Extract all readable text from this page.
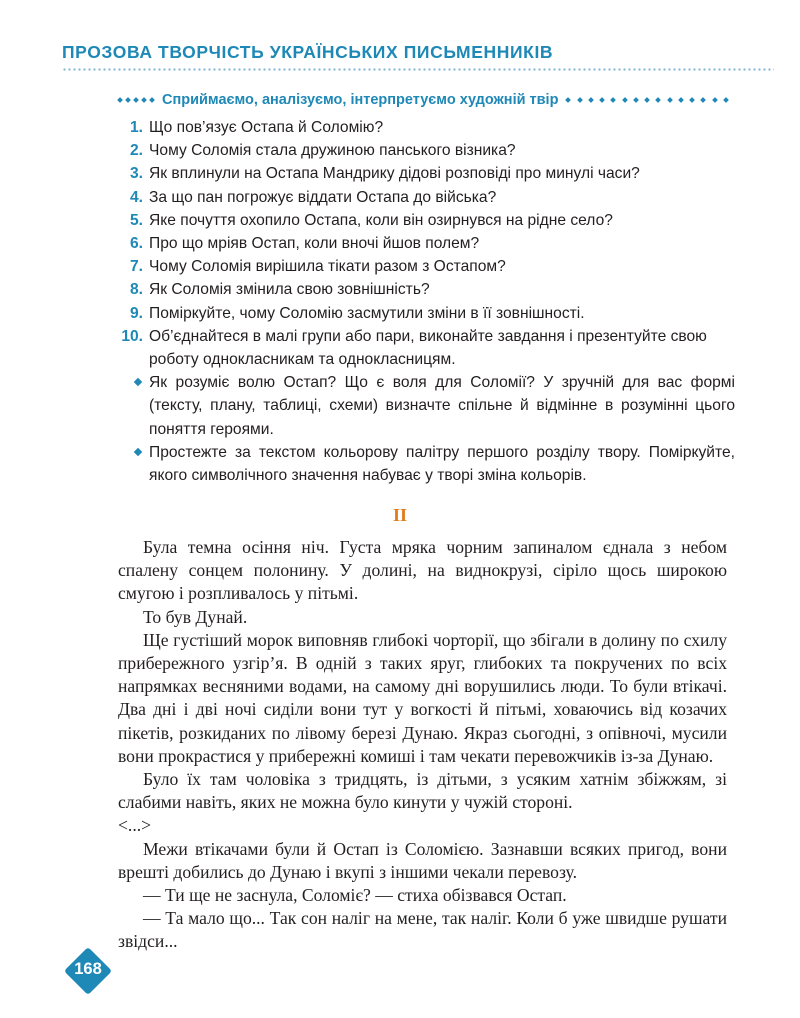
ПРОЗОВА ТВОРЧІСТЬ УКРАЇНСЬКИХ ПИСЬМЕННИКІВ
Сприймаємо, аналізуємо, інтерпретуємо художній твір
1. Що пов’язує Остапа й Соломію?
2. Чому Соломія стала дружиною панського візника?
3. Як вплинули на Остапа Мандрику дідові розповіді про минулі часи?
4. За що пан погрожує віддати Остапа до війська?
5. Яке почуття охопило Остапа, коли він озирнувся на рідне село?
6. Про що мріяв Остап, коли вночі йшов полем?
7. Чому Соломія вирішила тікати разом з Остапом?
8. Як Соломія змінила свою зовнішність?
9. Поміркуйте, чому Соломію засмутили зміни в її зовнішності.
10. Об’єднайтеся в малі групи або пари, виконайте завдання і презентуйте свою роботу однокласникам та однокласницям.
Як розуміє волю Остап? Що є воля для Соломії? У зручній для вас формі (тексту, плану, таблиці, схеми) визначте спільне й відмінне в розумінні цього поняття героями.
Простежте за текстом кольорову палітру першого розділу твору. Поміркуйте, якого символічного значення набуває у творі зміна кольорів.
II

Була темна осіння ніч. Густа мряка чорним запиналом єднала з небом спалену сонцем полонину. У долині, на виднокрузі, сіріло щось широкою смугою і розпливалось у пітьмі.

То був Дунай.

Ще густіший морок виповняв глибокі чорторії, що збігали в долину по схилу прибережного узгір’я. В одній з таких яруг, глибоких та покручених по всіх напрямках весняними водами, на самому дні ворушились люди. То були втікачі. Два дні і дві ночі сиділи вони тут у вогкості й пітьмі, ховаючись від козачих пікетів, розкиданих по лівому березі Дунаю. Якраз сьогодні, з опівночі, мусили вони прокрастися у прибережні комиші і там чекати перевожчиків із-за Дунаю.

Було їх там чоловіка з тридцять, із дітьми, з усяким хатнім збіжжям, зі слабими навіть, яких не можна було кинути у чужій стороні.

<...>

Межи втікачами були й Остап із Соломією. Зазнавши всяких пригод, вони врешті добились до Дунаю і вкупі з іншими чекали перевозу.

— Ти ще не заснула, Соломіє? — стиха обізвався Остап.

— Та мало що... Так сон наліг на мене, так наліг. Коли б уже швидше рушати звідси...

168
